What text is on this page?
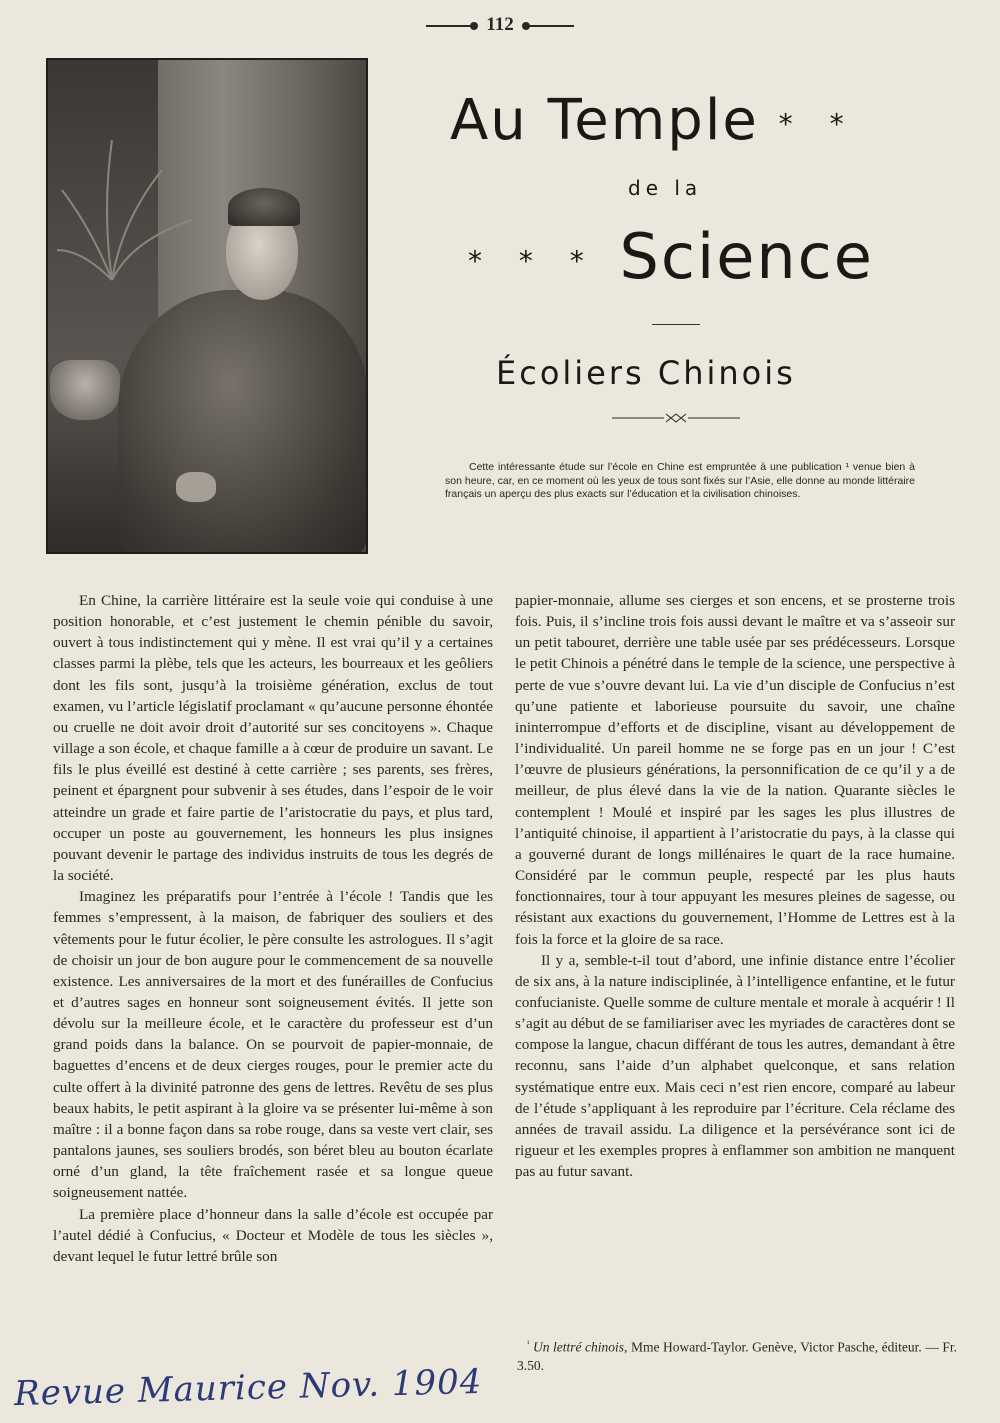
112
Au Temple * *
de la
* * * Science
Écoliers Chinois
Cette intéressante étude sur l’école en Chine est empruntée à une publication ¹ venue bien à son heure, car, en ce moment où les yeux de tous sont fixés sur l’Asie, elle donne au monde littéraire français un aperçu des plus exacts sur l’éducation et la civilisation chinoises.

En Chine, la carrière littéraire est la seule voie qui conduise à une position honorable, et c’est justement le chemin pénible du savoir, ouvert à tous indistinctement qui y mène. Il est vrai qu’il y a certaines classes parmi la plèbe, tels que les acteurs, les bourreaux et les geôliers dont les fils sont, jusqu’à la troisième génération, exclus de tout examen, vu l’article législatif proclamant « qu’aucune personne éhontée ou cruelle ne doit avoir droit d’autorité sur ses concitoyens ». Chaque village a son école, et chaque famille a à cœur de produire un savant. Le fils le plus éveillé est destiné à cette carrière ; ses parents, ses frères, peinent et épargnent pour subvenir à ses études, dans l’espoir de le voir atteindre un grade et faire partie de l’aristocratie du pays, et plus tard, occuper un poste au gouvernement, les honneurs les plus insignes pouvant devenir le partage des individus instruits de tous les degrés de la société.

Imaginez les préparatifs pour l’entrée à l’école ! Tandis que les femmes s’empressent, à la maison, de fabriquer des souliers et des vêtements pour le futur écolier, le père consulte les astrologues. Il s’agit de choisir un jour de bon augure pour le commencement de sa nouvelle existence. Les anniversaires de la mort et des funérailles de Confucius et d’autres sages en honneur sont soigneusement évités. Il jette son dévolu sur la meilleure école, et le caractère du professeur est d’un grand poids dans la balance. On se pourvoit de papier-monnaie, de baguettes d’encens et de deux cierges rouges, pour le premier acte du culte offert à la divinité patronne des gens de lettres. Revêtu de ses plus beaux habits, le petit aspirant à la gloire va se présenter lui-même à son maître : il a bonne façon dans sa robe rouge, dans sa veste vert clair, ses pantalons jaunes, ses souliers brodés, son béret bleu au bouton écarlate orné d’un gland, la tête fraîchement rasée et sa longue queue soigneusement nattée.

La première place d’honneur dans la salle d’école est occupée par l’autel dédié à Confucius, « Docteur et Modèle de tous les siècles », devant lequel le futur lettré brûle son

papier-monnaie, allume ses cierges et son encens, et se prosterne trois fois. Puis, il s’incline trois fois aussi devant le maître et va s’asseoir sur un petit tabouret, derrière une table usée par ses prédécesseurs. Lorsque le petit Chinois a pénétré dans le temple de la science, une perspective à perte de vue s’ouvre devant lui. La vie d’un disciple de Confucius n’est qu’une patiente et laborieuse poursuite du savoir, une chaîne ininterrompue d’efforts et de discipline, visant au développement de l’individualité. Un pareil homme ne se forge pas en un jour ! C’est l’œuvre de plusieurs générations, la personnification de ce qu’il y a de meilleur, de plus élevé dans la vie de la nation. Quarante siècles le contemplent ! Moulé et inspiré par les sages les plus illustres de l’antiquité chinoise, il appartient à l’aristocratie du pays, à la classe qui a gouverné durant de longs millénaires le quart de la race humaine. Considéré par le commun peuple, respecté par les plus hauts fonctionnaires, tour à tour appuyant les mesures pleines de sagesse, ou résistant aux exactions du gouvernement, l’Homme de Lettres est à la fois la force et la gloire de sa race.

Il y a, semble-t-il tout d’abord, une infinie distance entre l’écolier de six ans, à la nature indisciplinée, à l’intelligence enfantine, et le futur confucianiste. Quelle somme de culture mentale et morale à acquérir ! Il s’agit au début de se familiariser avec les myriades de caractères dont se compose la langue, chacun différant de tous les autres, demandant à être reconnu, sans l’aide d’un alphabet quelconque, et sans relation systématique entre eux. Mais ceci n’est rien encore, comparé au labeur de l’étude s’appliquant à les reproduire par l’écriture. Cela réclame des années de travail assidu. La diligence et la persévérance sont ici de rigueur et les exemples propres à enflammer son ambition ne manquent pas au futur savant.

$^{^1}$ Un lettré chinois, Mme Howard-Taylor. Genève, Victor Pasche, éditeur. — Fr. 3.50.
Revue Maurice Nov. 1904
